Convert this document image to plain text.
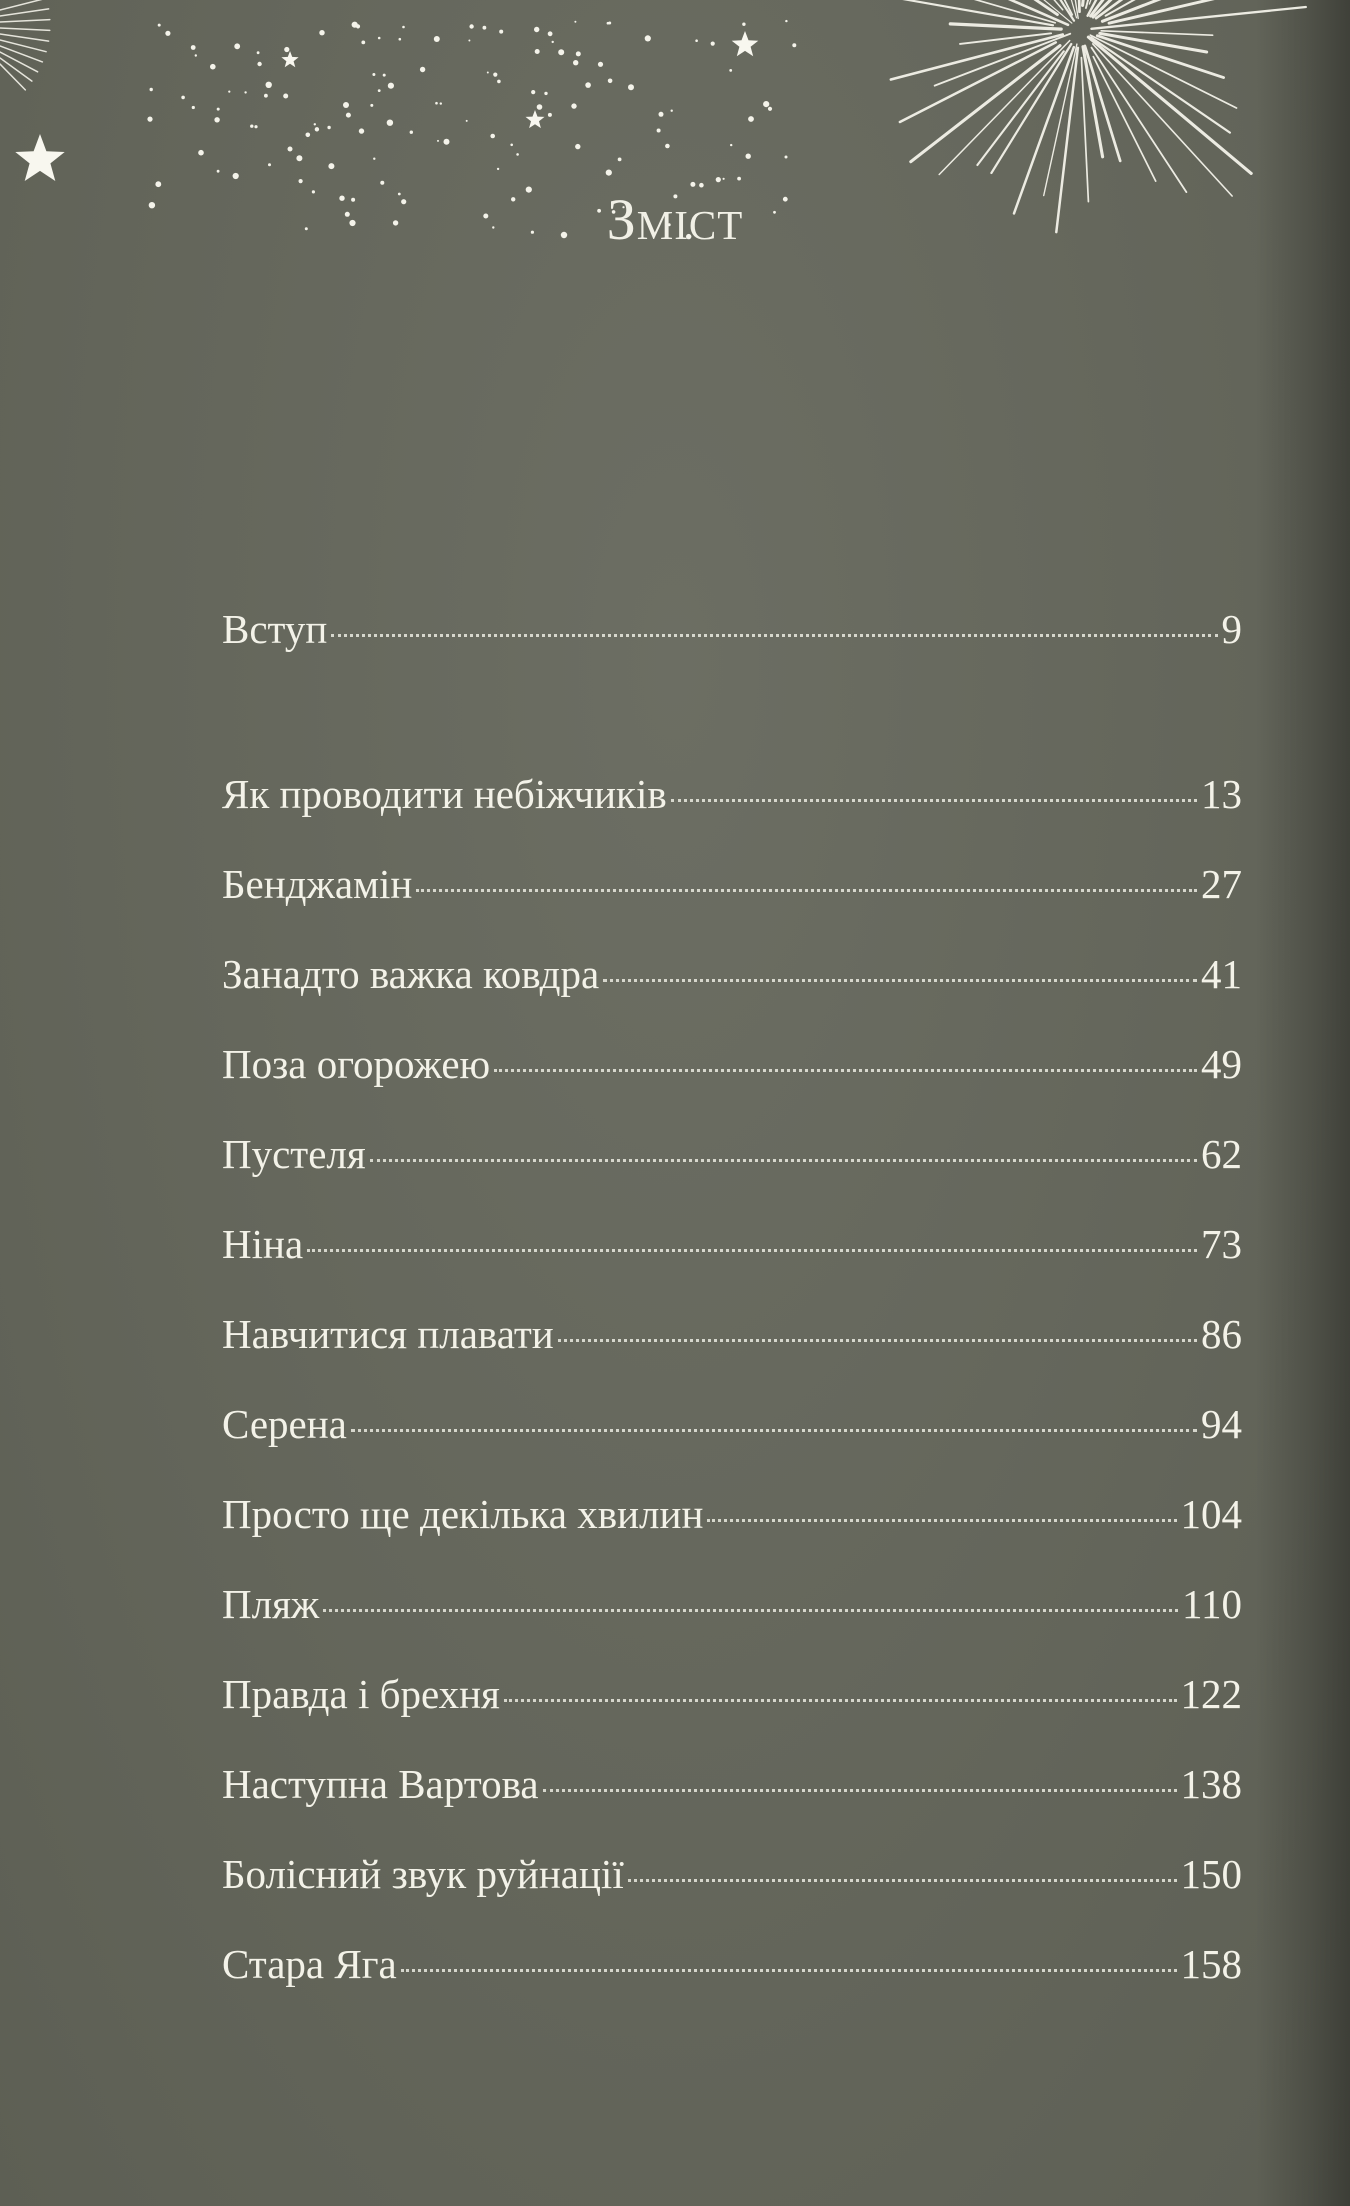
Зміст
Вступ	9
Як проводити небіжчиків	13
Бенджамін	27
Занадто важка ковдра	41
Поза огорожею	49
Пустеля	62
Ніна	73
Навчитися плавати	86
Серена	94
Просто ще декілька хвилин	104
Пляж	110
Правда і брехня	122
Наступна Вартова	138
Болісний звук руйнації	150
Стара Яга	158
